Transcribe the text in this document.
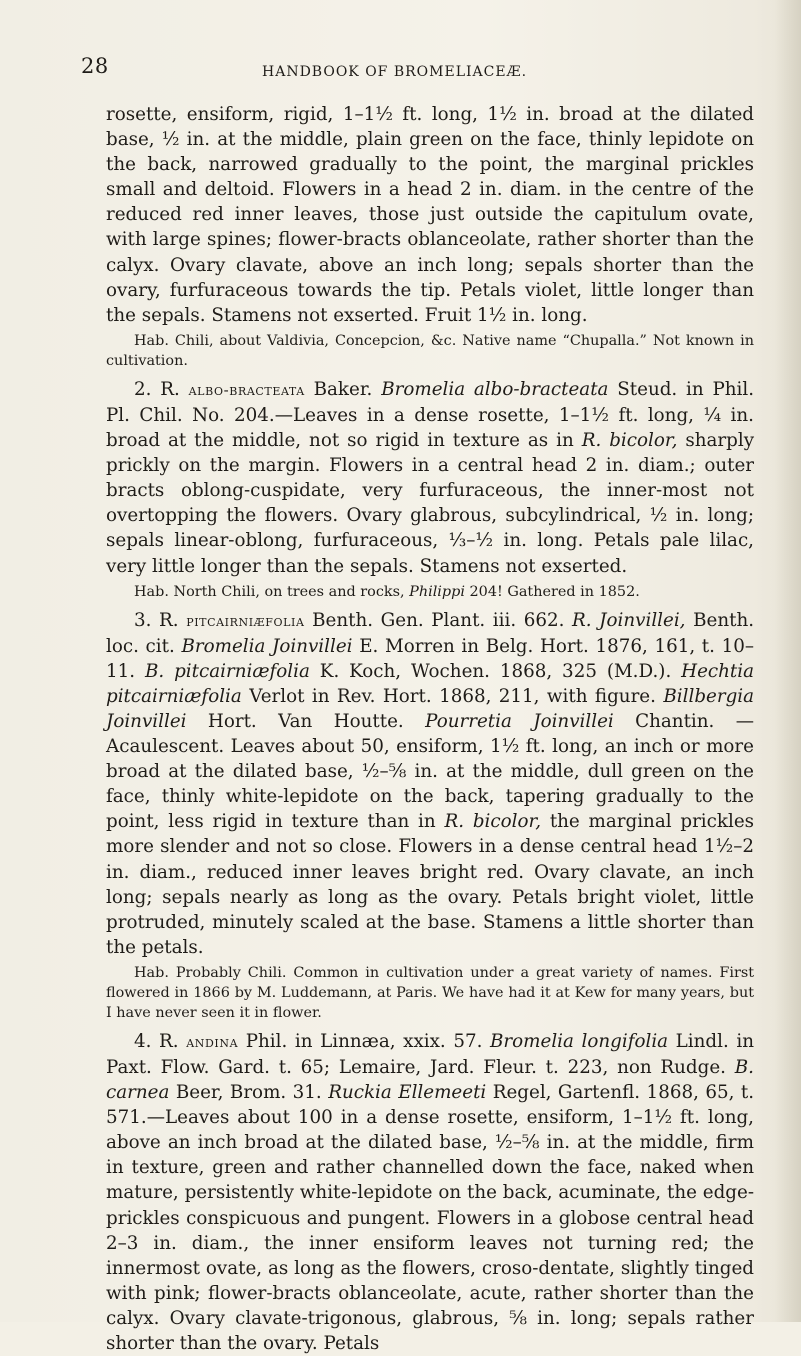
28	HANDBOOK OF BROMELIACEÆ.

rosette, ensiform, rigid, 1–1½ ft. long, 1½ in. broad at the dilated base, ½ in. at the middle, plain green on the face, thinly lepidote on the back, narrowed gradually to the point, the marginal prickles small and deltoid. Flowers in a head 2 in. diam. in the centre of the reduced red inner leaves, those just outside the capitulum ovate, with large spines; flower-bracts oblanceolate, rather shorter than the calyx. Ovary clavate, above an inch long; sepals shorter than the ovary, furfuraceous towards the tip. Petals violet, little longer than the sepals. Stamens not exserted. Fruit 1½ in. long.

Hab. Chili, about Valdivia, Concepcion, &c. Native name “Chupalla.” Not known in cultivation.

2. R. albo-bracteata Baker. Bromelia albo-bracteata Steud. in Phil. Pl. Chil. No. 204.—Leaves in a dense rosette, 1–1½ ft. long, ¼ in. broad at the middle, not so rigid in texture as in R. bicolor, sharply prickly on the margin. Flowers in a central head 2 in. diam.; outer bracts oblong-cuspidate, very furfuraceous, the inner-most not overtopping the flowers. Ovary glabrous, subcylindrical, ½ in. long; sepals linear-oblong, furfuraceous, ⅓–½ in. long. Petals pale lilac, very little longer than the sepals. Stamens not exserted.

Hab. North Chili, on trees and rocks, Philippi 204! Gathered in 1852.

3. R. pitcairniæfolia Benth. Gen. Plant. iii. 662. R. Joinvillei, Benth. loc. cit. Bromelia Joinvillei E. Morren in Belg. Hort. 1876, 161, t. 10–11. B. pitcairniæfolia K. Koch, Wochen. 1868, 325 (M.D.). Hechtia pitcairniæfolia Verlot in Rev. Hort. 1868, 211, with figure. Billbergia Joinvillei Hort. Van Houtte. Pourretia Joinvillei Chantin. —Acaulescent. Leaves about 50, ensiform, 1½ ft. long, an inch or more broad at the dilated base, ½–⅝ in. at the middle, dull green on the face, thinly white-lepidote on the back, tapering gradually to the point, less rigid in texture than in R. bicolor, the marginal prickles more slender and not so close. Flowers in a dense central head 1½–2 in. diam., reduced inner leaves bright red. Ovary clavate, an inch long; sepals nearly as long as the ovary. Petals bright violet, little protruded, minutely scaled at the base. Stamens a little shorter than the petals.

Hab. Probably Chili. Common in cultivation under a great variety of names. First flowered in 1866 by M. Luddemann, at Paris. We have had it at Kew for many years, but I have never seen it in flower.

4. R. andina Phil. in Linnæa, xxix. 57. Bromelia longifolia Lindl. in Paxt. Flow. Gard. t. 65; Lemaire, Jard. Fleur. t. 223, non Rudge. B. carnea Beer, Brom. 31. Ruckia Ellemeeti Regel, Gartenfl. 1868, 65, t. 571.—Leaves about 100 in a dense rosette, ensiform, 1–1½ ft. long, above an inch broad at the dilated base, ½–⅝ in. at the middle, firm in texture, green and rather channelled down the face, naked when mature, persistently white-lepidote on the back, acuminate, the edge-prickles conspicuous and pungent. Flowers in a globose central head 2–3 in. diam., the inner ensiform leaves not turning red; the innermost ovate, as long as the flowers, croso-dentate, slightly tinged with pink; flower-bracts oblanceolate, acute, rather shorter than the calyx. Ovary clavate-trigonous, glabrous, ⅝ in. long; sepals rather shorter than the ovary. Petals
